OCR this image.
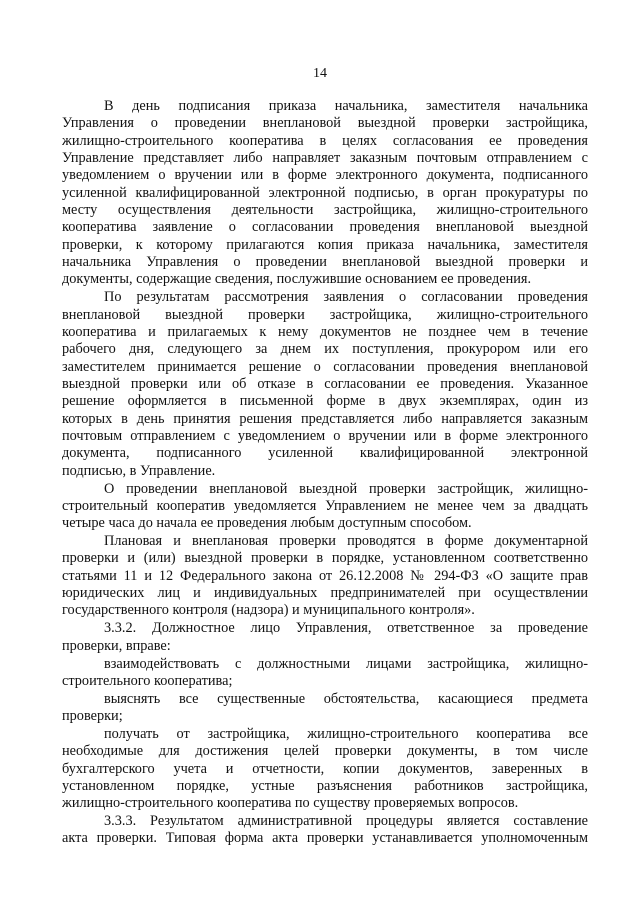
14
В день подписания приказа начальника, заместителя начальника
Управления о проведении внеплановой выездной проверки застройщика,
жилищно-строительного кооператива в целях согласования ее проведения
Управление представляет либо направляет заказным почтовым отправлением с
уведомлением о вручении или в форме электронного документа, подписанного
усиленной квалифицированной электронной подписью, в орган прокуратуры по
месту осуществления деятельности застройщика, жилищно-строительного
кооператива заявление о согласовании проведения внеплановой выездной
проверки, к которому прилагаются копия приказа начальника, заместителя
начальника Управления о проведении внеплановой выездной проверки и
документы, содержащие сведения, послужившие основанием ее проведения.
По результатам рассмотрения заявления о согласовании проведения
внеплановой выездной проверки застройщика, жилищно-строительного
кооператива и прилагаемых к нему документов не позднее чем в течение
рабочего дня, следующего за днем их поступления, прокурором или его
заместителем принимается решение о согласовании проведения внеплановой
выездной проверки или об отказе в согласовании ее проведения. Указанное
решение оформляется в письменной форме в двух экземплярах, один из
которых в день принятия решения представляется либо направляется заказным
почтовым отправлением с уведомлением о вручении или в форме электронного
документа, подписанного усиленной квалифицированной электронной
подписью, в Управление.
О проведении внеплановой выездной проверки застройщик, жилищно-
строительный кооператив уведомляется Управлением не менее чем за двадцать
четыре часа до начала ее проведения любым доступным способом.
Плановая и внеплановая проверки проводятся в форме документарной
проверки и (или) выездной проверки в порядке, установленном соответственно
статьями 11 и 12 Федерального закона от 26.12.2008 № 294-ФЗ «О защите прав
юридических лиц и индивидуальных предпринимателей при осуществлении
государственного контроля (надзора) и муниципального контроля».
3.3.2. Должностное лицо Управления, ответственное за проведение
проверки, вправе:
взаимодействовать с должностными лицами застройщика, жилищно-
строительного кооператива;
выяснять все существенные обстоятельства, касающиеся предмета
проверки;
получать от застройщика, жилищно-строительного кооператива все
необходимые для достижения целей проверки документы, в том числе
бухгалтерского учета и отчетности, копии документов, заверенных в
установленном порядке, устные разъяснения работников застройщика,
жилищно-строительного кооператива по существу проверяемых вопросов.
3.3.3. Результатом административной процедуры является составление
акта проверки. Типовая форма акта проверки устанавливается уполномоченным
